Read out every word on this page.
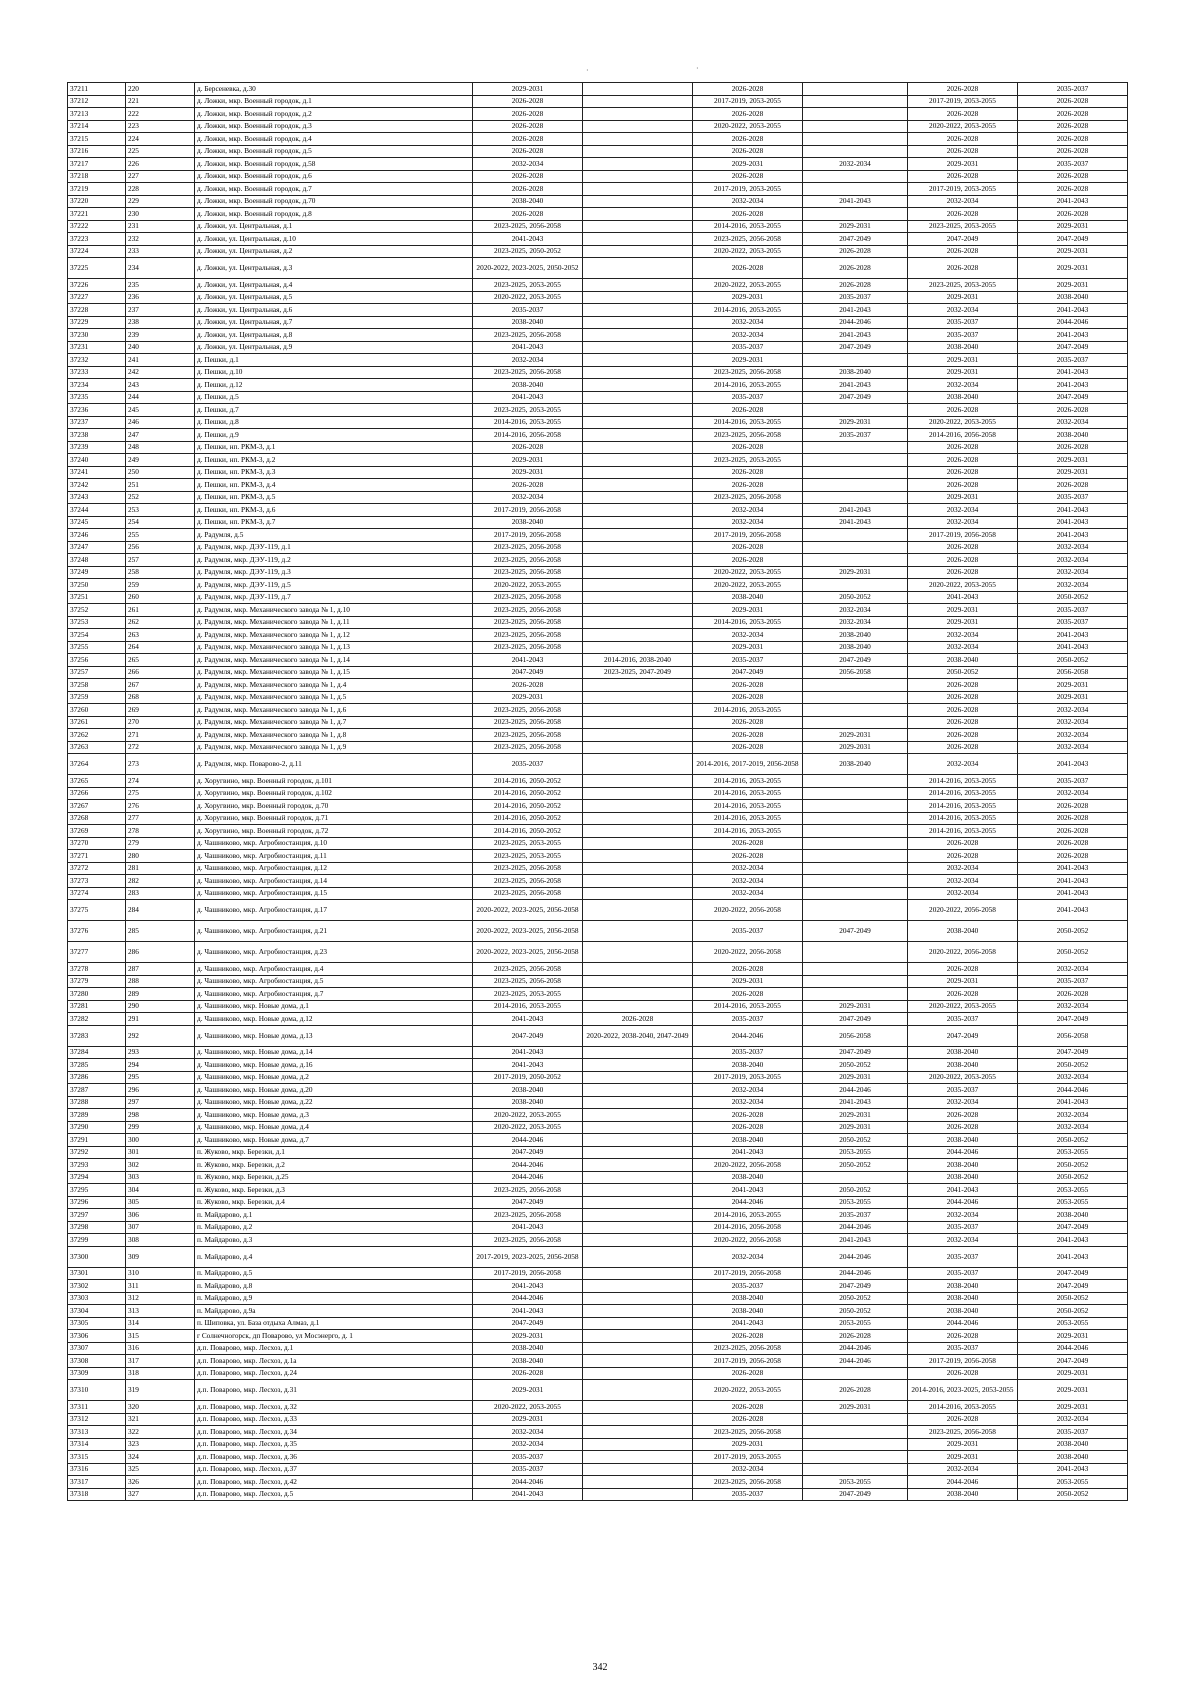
·	·
37211	220	д. Берсеневка, д.30	2029-2031		2026-2028		2026-2028	2035-2037
37212	221	д. Ложки, мкр. Военный городок, д.1	2026-2028		2017-2019, 2053-2055		2017-2019, 2053-2055	2026-2028
37213	222	д. Ложки, мкр. Военный городок, д.2	2026-2028		2026-2028		2026-2028	2026-2028
37214	223	д. Ложки, мкр. Военный городок, д.3	2026-2028		2020-2022, 2053-2055		2020-2022, 2053-2055	2026-2028
37215	224	д. Ложки, мкр. Военный городок, д.4	2026-2028		2026-2028		2026-2028	2026-2028
37216	225	д. Ложки, мкр. Военный городок, д.5	2026-2028		2026-2028		2026-2028	2026-2028
37217	226	д. Ложки, мкр. Военный городок, д.58	2032-2034		2029-2031	2032-2034	2029-2031	2035-2037
37218	227	д. Ложки, мкр. Военный городок, д.6	2026-2028		2026-2028		2026-2028	2026-2028
37219	228	д. Ложки, мкр. Военный городок, д.7	2026-2028		2017-2019, 2053-2055		2017-2019, 2053-2055	2026-2028
37220	229	д. Ложки, мкр. Военный городок, д.70	2038-2040		2032-2034	2041-2043	2032-2034	2041-2043
37221	230	д. Ложки, мкр. Военный городок, д.8	2026-2028		2026-2028		2026-2028	2026-2028
37222	231	д. Ложки, ул. Центральная, д.1	2023-2025, 2056-2058		2014-2016, 2053-2055	2029-2031	2023-2025, 2053-2055	2029-2031
37223	232	д. Ложки, ул. Центральная, д.10	2041-2043		2023-2025, 2056-2058	2047-2049	2047-2049	2047-2049
37224	233	д. Ложки, ул. Центральная, д.2	2023-2025, 2050-2052		2020-2022, 2053-2055	2026-2028	2026-2028	2029-2031
37225	234	д. Ложки, ул. Центральная, д.3	2020-2022, 2023-2025, 2050-2052		2026-2028	2026-2028	2026-2028	2029-2031
37226	235	д. Ложки, ул. Центральная, д.4	2023-2025, 2053-2055		2020-2022, 2053-2055	2026-2028	2023-2025, 2053-2055	2029-2031
37227	236	д. Ложки, ул. Центральная, д.5	2020-2022, 2053-2055		2029-2031	2035-2037	2029-2031	2038-2040
37228	237	д. Ложки, ул. Центральная, д.6	2035-2037		2014-2016, 2053-2055	2041-2043	2032-2034	2041-2043
37229	238	д. Ложки, ул. Центральная, д.7	2038-2040		2032-2034	2044-2046	2035-2037	2044-2046
37230	239	д. Ложки, ул. Центральная, д.8	2023-2025, 2056-2058		2032-2034	2041-2043	2035-2037	2041-2043
37231	240	д. Ложки, ул. Центральная, д.9	2041-2043		2035-2037	2047-2049	2038-2040	2047-2049
37232	241	д. Пешки, д.1	2032-2034		2029-2031		2029-2031	2035-2037
37233	242	д. Пешки, д.10	2023-2025, 2056-2058		2023-2025, 2056-2058	2038-2040	2029-2031	2041-2043
37234	243	д. Пешки, д.12	2038-2040		2014-2016, 2053-2055	2041-2043	2032-2034	2041-2043
37235	244	д. Пешки, д.5	2041-2043		2035-2037	2047-2049	2038-2040	2047-2049
37236	245	д. Пешки, д.7	2023-2025, 2053-2055		2026-2028		2026-2028	2026-2028
37237	246	д. Пешки, д.8	2014-2016, 2053-2055		2014-2016, 2053-2055	2029-2031	2020-2022, 2053-2055	2032-2034
37238	247	д. Пешки, д.9	2014-2016, 2056-2058		2023-2025, 2056-2058	2035-2037	2014-2016, 2056-2058	2038-2040
37239	248	д. Пешки, нп. РКМ-3, д.1	2026-2028		2026-2028		2026-2028	2026-2028
37240	249	д. Пешки, нп. РКМ-3, д.2	2029-2031		2023-2025, 2053-2055		2026-2028	2029-2031
37241	250	д. Пешки, нп. РКМ-3, д.3	2029-2031		2026-2028		2026-2028	2029-2031
37242	251	д. Пешки, нп. РКМ-3, д.4	2026-2028		2026-2028		2026-2028	2026-2028
37243	252	д. Пешки, нп. РКМ-3, д.5	2032-2034		2023-2025, 2056-2058		2029-2031	2035-2037
37244	253	д. Пешки, нп. РКМ-3, д.6	2017-2019, 2056-2058		2032-2034	2041-2043	2032-2034	2041-2043
37245	254	д. Пешки, нп. РКМ-3, д.7	2038-2040		2032-2034	2041-2043	2032-2034	2041-2043
37246	255	д. Радумля, д.5	2017-2019, 2056-2058		2017-2019, 2056-2058		2017-2019, 2056-2058	2041-2043
37247	256	д. Радумля, мкр. ДЭУ-119, д.1	2023-2025, 2056-2058		2026-2028		2026-2028	2032-2034
37248	257	д. Радумля, мкр. ДЭУ-119, д.2	2023-2025, 2056-2058		2026-2028		2026-2028	2032-2034
37249	258	д. Радумля, мкр. ДЭУ-119, д.3	2023-2025, 2056-2058		2020-2022, 2053-2055	2029-2031	2026-2028	2032-2034
37250	259	д. Радумля, мкр. ДЭУ-119, д.5	2020-2022, 2053-2055		2020-2022, 2053-2055		2020-2022, 2053-2055	2032-2034
37251	260	д. Радумля, мкр. ДЭУ-119, д.7	2023-2025, 2056-2058		2038-2040	2050-2052	2041-2043	2050-2052
37252	261	д. Радумля, мкр. Механического завода № 1, д.10	2023-2025, 2056-2058		2029-2031	2032-2034	2029-2031	2035-2037
37253	262	д. Радумля, мкр. Механического завода № 1, д.11	2023-2025, 2056-2058		2014-2016, 2053-2055	2032-2034	2029-2031	2035-2037
37254	263	д. Радумля, мкр. Механического завода № 1, д.12	2023-2025, 2056-2058		2032-2034	2038-2040	2032-2034	2041-2043
37255	264	д. Радумля, мкр. Механического завода № 1, д.13	2023-2025, 2056-2058		2029-2031	2038-2040	2032-2034	2041-2043
37256	265	д. Радумля, мкр. Механического завода № 1, д.14	2041-2043	2014-2016, 2038-2040	2035-2037	2047-2049	2038-2040	2050-2052
37257	266	д. Радумля, мкр. Механического завода № 1, д.15	2047-2049	2023-2025, 2047-2049	2047-2049	2056-2058	2050-2052	2056-2058
37258	267	д. Радумля, мкр. Механического завода № 1, д.4	2026-2028		2026-2028		2026-2028	2029-2031
37259	268	д. Радумля, мкр. Механического завода № 1, д.5	2029-2031		2026-2028		2026-2028	2029-2031
37260	269	д. Радумля, мкр. Механического завода № 1, д.6	2023-2025, 2056-2058		2014-2016, 2053-2055		2026-2028	2032-2034
37261	270	д. Радумля, мкр. Механического завода № 1, д.7	2023-2025, 2056-2058		2026-2028		2026-2028	2032-2034
37262	271	д. Радумля, мкр. Механического завода № 1, д.8	2023-2025, 2056-2058		2026-2028	2029-2031	2026-2028	2032-2034
37263	272	д. Радумля, мкр. Механического завода № 1, д.9	2023-2025, 2056-2058		2026-2028	2029-2031	2026-2028	2032-2034
37264	273	д. Радумля, мкр. Поварово-2, д.11	2035-2037		2014-2016, 2017-2019, 2056-2058	2038-2040	2032-2034	2041-2043
37265	274	д. Хоругвино, мкр. Военный городок, д.101	2014-2016, 2050-2052		2014-2016, 2053-2055		2014-2016, 2053-2055	2035-2037
37266	275	д. Хоругвино, мкр. Военный городок, д.102	2014-2016, 2050-2052		2014-2016, 2053-2055		2014-2016, 2053-2055	2032-2034
37267	276	д. Хоругвино, мкр. Военный городок, д.70	2014-2016, 2050-2052		2014-2016, 2053-2055		2014-2016, 2053-2055	2026-2028
37268	277	д. Хоругвино, мкр. Военный городок, д.71	2014-2016, 2050-2052		2014-2016, 2053-2055		2014-2016, 2053-2055	2026-2028
37269	278	д. Хоругвино, мкр. Военный городок, д.72	2014-2016, 2050-2052		2014-2016, 2053-2055		2014-2016, 2053-2055	2026-2028
37270	279	д. Чашниково, мкр. Агробиостанция, д.10	2023-2025, 2053-2055		2026-2028		2026-2028	2026-2028
37271	280	д. Чашниково, мкр. Агробиостанция, д.11	2023-2025, 2053-2055		2026-2028		2026-2028	2026-2028
37272	281	д. Чашниково, мкр. Агробиостанция, д.12	2023-2025, 2056-2058		2032-2034		2032-2034	2041-2043
37273	282	д. Чашниково, мкр. Агробиостанция, д.14	2023-2025, 2056-2058		2032-2034		2032-2034	2041-2043
37274	283	д. Чашниково, мкр. Агробиостанция, д.15	2023-2025, 2056-2058		2032-2034		2032-2034	2041-2043
37275	284	д. Чашниково, мкр. Агробиостанция, д.17	2020-2022, 2023-2025, 2056-2058		2020-2022, 2056-2058		2020-2022, 2056-2058	2041-2043
37276	285	д. Чашниково, мкр. Агробиостанция, д.21	2020-2022, 2023-2025, 2056-2058		2035-2037	2047-2049	2038-2040	2050-2052
37277	286	д. Чашниково, мкр. Агробиостанция, д.23	2020-2022, 2023-2025, 2056-2058		2020-2022, 2056-2058		2020-2022, 2056-2058	2050-2052
37278	287	д. Чашниково, мкр. Агробиостанция, д.4	2023-2025, 2056-2058		2026-2028		2026-2028	2032-2034
37279	288	д. Чашниково, мкр. Агробиостанция, д.5	2023-2025, 2056-2058		2029-2031		2029-2031	2035-2037
37280	289	д. Чашниково, мкр. Агробиостанция, д.7	2023-2025, 2053-2055		2026-2028		2026-2028	2026-2028
37281	290	д. Чашниково, мкр. Новые дома, д.1	2014-2016, 2053-2055		2014-2016, 2053-2055	2029-2031	2020-2022, 2053-2055	2032-2034
37282	291	д. Чашниково, мкр. Новые дома, д.12	2041-2043	2026-2028	2035-2037	2047-2049	2035-2037	2047-2049
37283	292	д. Чашниково, мкр. Новые дома, д.13	2047-2049	2020-2022, 2038-2040, 2047-2049	2044-2046	2056-2058	2047-2049	2056-2058
37284	293	д. Чашниково, мкр. Новые дома, д.14	2041-2043		2035-2037	2047-2049	2038-2040	2047-2049
37285	294	д. Чашниково, мкр. Новые дома, д.16	2041-2043		2038-2040	2050-2052	2038-2040	2050-2052
37286	295	д. Чашниково, мкр. Новые дома, д.2	2017-2019, 2050-2052		2017-2019, 2053-2055	2029-2031	2020-2022, 2053-2055	2032-2034
37287	296	д. Чашниково, мкр. Новые дома, д.20	2038-2040		2032-2034	2044-2046	2035-2037	2044-2046
37288	297	д. Чашниково, мкр. Новые дома, д.22	2038-2040		2032-2034	2041-2043	2032-2034	2041-2043
37289	298	д. Чашниково, мкр. Новые дома, д.3	2020-2022, 2053-2055		2026-2028	2029-2031	2026-2028	2032-2034
37290	299	д. Чашниково, мкр. Новые дома, д.4	2020-2022, 2053-2055		2026-2028	2029-2031	2026-2028	2032-2034
37291	300	д. Чашниково, мкр. Новые дома, д.7	2044-2046		2038-2040	2050-2052	2038-2040	2050-2052
37292	301	п. Жуково, мкр. Березки, д.1	2047-2049		2041-2043	2053-2055	2044-2046	2053-2055
37293	302	п. Жуково, мкр. Березки, д.2	2044-2046		2020-2022, 2056-2058	2050-2052	2038-2040	2050-2052
37294	303	п. Жуково, мкр. Березки, д.25	2044-2046		2038-2040		2038-2040	2050-2052
37295	304	п. Жуково, мкр. Березки, д.3	2023-2025, 2056-2058		2041-2043	2050-2052	2041-2043	2053-2055
37296	305	п. Жуково, мкр. Березки, д.4	2047-2049		2044-2046	2053-2055	2044-2046	2053-2055
37297	306	п. Майдарово, д.1	2023-2025, 2056-2058		2014-2016, 2053-2055	2035-2037	2032-2034	2038-2040
37298	307	п. Майдарово, д.2	2041-2043		2014-2016, 2056-2058	2044-2046	2035-2037	2047-2049
37299	308	п. Майдарово, д.3	2023-2025, 2056-2058		2020-2022, 2056-2058	2041-2043	2032-2034	2041-2043
37300	309	п. Майдарово, д.4	2017-2019, 2023-2025, 2056-2058		2032-2034	2044-2046	2035-2037	2041-2043
37301	310	п. Майдарово, д.5	2017-2019, 2056-2058		2017-2019, 2056-2058	2044-2046	2035-2037	2047-2049
37302	311	п. Майдарово, д.8	2041-2043		2035-2037	2047-2049	2038-2040	2047-2049
37303	312	п. Майдарово, д.9	2044-2046		2038-2040	2050-2052	2038-2040	2050-2052
37304	313	п. Майдарово, д.9а	2041-2043		2038-2040	2050-2052	2038-2040	2050-2052
37305	314	п. Шиповка, ул. База отдыха Алмаз, д.1	2047-2049		2041-2043	2053-2055	2044-2046	2053-2055
37306	315	г Солнечногорск, дп Поварово, ул Мосэнерго, д. 1	2029-2031		2026-2028	2026-2028	2026-2028	2029-2031
37307	316	д.п. Поварово, мкр. Лесхоз, д.1	2038-2040		2023-2025, 2056-2058	2044-2046	2035-2037	2044-2046
37308	317	д.п. Поварово, мкр. Лесхоз, д.1а	2038-2040		2017-2019, 2056-2058	2044-2046	2017-2019, 2056-2058	2047-2049
37309	318	д.п. Поварово, мкр. Лесхоз, д.24	2026-2028		2026-2028		2026-2028	2029-2031
37310	319	д.п. Поварово, мкр. Лесхоз, д.31	2029-2031		2020-2022, 2053-2055	2026-2028	2014-2016, 2023-2025, 2053-2055	2029-2031
37311	320	д.п. Поварово, мкр. Лесхоз, д.32	2020-2022, 2053-2055		2026-2028	2029-2031	2014-2016, 2053-2055	2029-2031
37312	321	д.п. Поварово, мкр. Лесхоз, д.33	2029-2031		2026-2028		2026-2028	2032-2034
37313	322	д.п. Поварово, мкр. Лесхоз, д.34	2032-2034		2023-2025, 2056-2058		2023-2025, 2056-2058	2035-2037
37314	323	д.п. Поварово, мкр. Лесхоз, д.35	2032-2034		2029-2031		2029-2031	2038-2040
37315	324	д.п. Поварово, мкр. Лесхоз, д.36	2035-2037		2017-2019, 2053-2055		2029-2031	2038-2040
37316	325	д.п. Поварово, мкр. Лесхоз, д.37	2035-2037		2032-2034		2032-2034	2041-2043
37317	326	д.п. Поварово, мкр. Лесхоз, д.42	2044-2046		2023-2025, 2056-2058	2053-2055	2044-2046	2053-2055
37318	327	д.п. Поварово, мкр. Лесхоз, д.5	2041-2043		2035-2037	2047-2049	2038-2040	2050-2052
342
